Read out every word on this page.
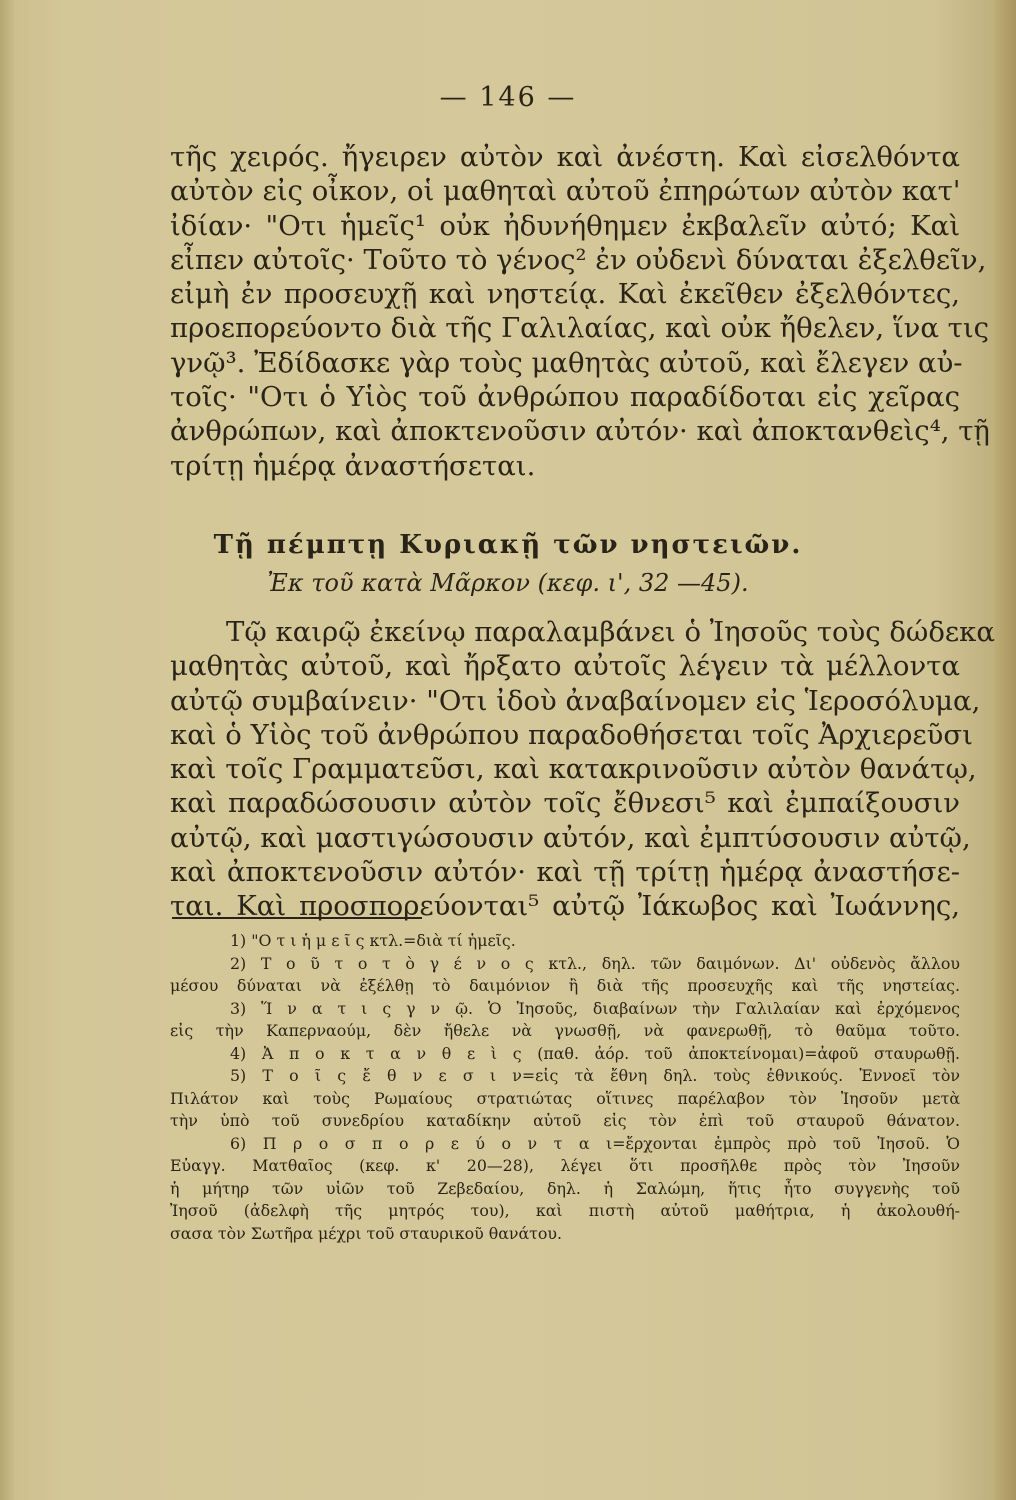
— 146 —
τῆς χειρός. ἤγειρεν αὐτὸν καὶ ἀνέστη. Καὶ εἰσελθόντα
αὐτὸν εἰς οἶκον, οἱ μαθηταὶ αὐτοῦ ἐπηρώτων αὐτὸν κατ'
ἰδίαν· "Οτι ἡμεῖς¹ οὐκ ἠδυνήθημεν ἐκβαλεῖν αὐτό; Καὶ
εἶπεν αὐτοῖς· Τοῦτο τὸ γένος² ἐν οὐδενὶ δύναται ἐξελθεῖν,
εἰμὴ ἐν προσευχῇ καὶ νηστείᾳ. Καὶ ἐκεῖθεν ἐξελθόντες,
προεπορεύοντο διὰ τῆς Γαλιλαίας, καὶ οὐκ ἤθελεν, ἵνα τις
γνῷ³. Ἐδίδασκε γὰρ τοὺς μαθητὰς αὐτοῦ, καὶ ἔλεγεν αὐ-
τοῖς· "Οτι ὁ Υἱὸς τοῦ ἀνθρώπου παραδίδοται εἰς χεῖρας
ἀνθρώπων, καὶ ἀποκτενοῦσιν αὐτόν· καὶ ἀποκτανθεὶς⁴, τῇ
τρίτῃ ἡμέρᾳ ἀναστήσεται.
Τῇ πέμπτῃ Κυριακῇ τῶν νηστειῶν.
Ἐκ τοῦ κατὰ Μᾶρκον (κεφ. ι', 32 —45).
Τῷ καιρῷ ἐκείνῳ παραλαμβάνει ὁ Ἰησοῦς τοὺς δώδεκα
μαθητὰς αὐτοῦ, καὶ ἤρξατο αὐτοῖς λέγειν τὰ μέλλοντα
αὐτῷ συμβαίνειν· "Οτι ἰδοὺ ἀναβαίνομεν εἰς Ἱεροσόλυμα,
καὶ ὁ Υἱὸς τοῦ ἀνθρώπου παραδοθήσεται τοῖς Ἀρχιερεῦσι
καὶ τοῖς Γραμματεῦσι, καὶ κατακρινοῦσιν αὐτὸν θανάτῳ,
καὶ παραδώσουσιν αὐτὸν τοῖς ἔθνεσι⁵ καὶ ἐμπαίξουσιν
αὐτῷ, καὶ μαστιγώσουσιν αὐτόν, καὶ ἐμπτύσουσιν αὐτῷ,
καὶ ἀποκτενοῦσιν αὐτόν· καὶ τῇ τρίτῃ ἡμέρᾳ ἀναστήσε-
ται. Καὶ προσπορεύονται⁵ αὐτῷ Ἰάκωβος καὶ Ἰωάννης,
1) "Ο τ ι ἡ μ ε ῖ ς κτλ.=διὰ τί ἡμεῖς.
2) Τ ο ῦ τ ο τ ὸ γ έ ν ο ς κτλ., δηλ. τῶν δαιμόνων. Δι' οὐδενὸς ἄλλου
μέσου δύναται νὰ ἐξέλθῃ τὸ δαιμόνιον ἢ διὰ τῆς προσευχῆς καὶ τῆς νηστείας.
3) Ἵ ν α τ ι ς γ ν ῷ. Ὁ Ἰησοῦς, διαβαίνων τὴν Γαλιλαίαν καὶ ἐρχόμενος
εἰς τὴν Καπερναούμ, δὲν ἤθελε νὰ γνωσθῇ, νὰ φανερωθῇ, τὸ θαῦμα τοῦτο.
4) Ἀ π ο κ τ α ν θ ε ὶ ς (παθ. ἀόρ. τοῦ ἀποκτείνομαι)=ἀφοῦ σταυρωθῇ.
5) Τ ο ῖ ς ἔ θ ν ε σ ι ν=εἰς τὰ ἔθνη δηλ. τοὺς ἐθνικούς. Ἐννοεῖ τὸν
Πιλάτον καὶ τοὺς Ρωμαίους στρατιώτας οἵτινες παρέλαβον τὸν Ἰησοῦν μετὰ
τὴν ὑπὸ τοῦ συνεδρίου καταδίκην αὐτοῦ εἰς τὸν ἐπὶ τοῦ σταυροῦ θάνατον.
6) Π ρ ο σ π ο ρ ε ύ ο ν τ α ι=ἔρχονται ἐμπρὸς πρὸ τοῦ Ἰησοῦ. Ὁ
Εὐαγγ. Ματθαῖος (κεφ. κ' 20—28), λέγει ὅτι προσῆλθε πρὸς τὸν Ἰησοῦν
ἡ μήτηρ τῶν υἱῶν τοῦ Ζεβεδαίου, δηλ. ἡ Σαλώμη, ἥτις ἦτο συγγενὴς τοῦ
Ἰησοῦ (ἀδελφὴ τῆς μητρός του), καὶ πιστὴ αὐτοῦ μαθήτρια, ἡ ἀκολουθή-
σασα τὸν Σωτῆρα μέχρι τοῦ σταυρικοῦ θανάτου.
